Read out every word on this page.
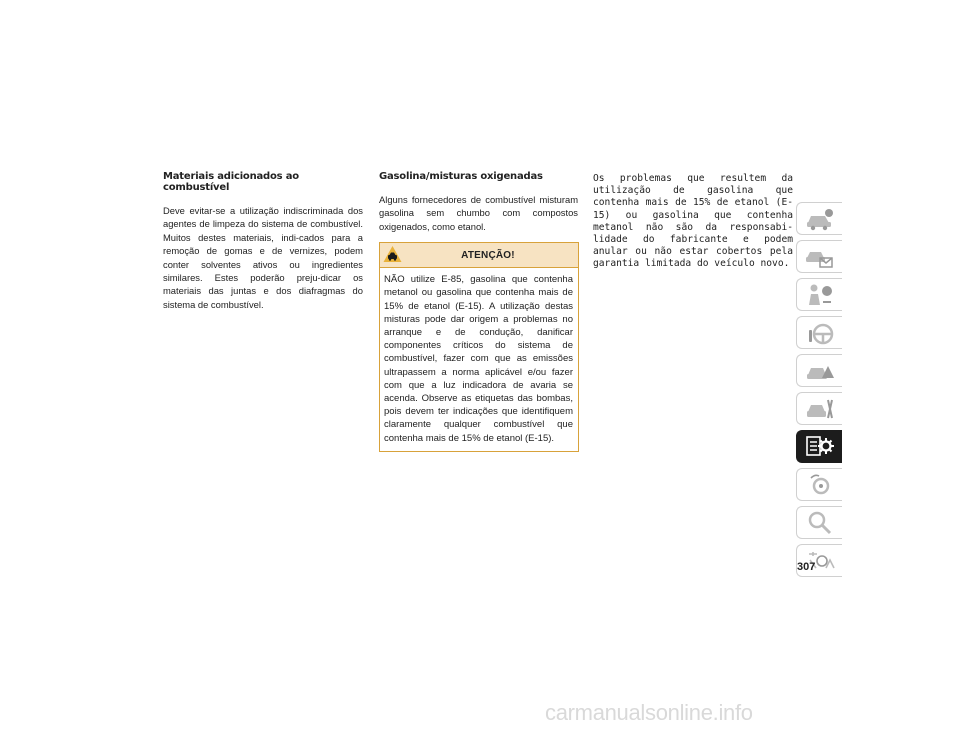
Materiais adicionados ao combustível

Deve evitar-se a utilização indiscriminada dos agentes de limpeza do sistema de combustível. Muitos destes materiais, indi-cados para a remoção de gomas e de vernizes, podem conter solventes ativos ou ingredientes similares. Estes poderão preju-dicar os materiais das juntas e dos diafragmas do sistema de combustível.

Gasolina/misturas oxigenadas

Alguns fornecedores de combustível misturam gasolina sem chumbo com compostos oxigenados, como etanol.

ATENÇÃO!
NÃO utilize E-85, gasolina que contenha metanol ou gasolina que contenha mais de 15% de etanol (E-15). A utilização destas misturas pode dar origem a problemas no arranque e de condução, danificar componentes críticos do sistema de combustível, fazer com que as emissões ultrapassem a norma aplicável e/ou fazer com que a luz indicadora de avaria se acenda. Observe as etiquetas das bombas, pois devem ter indicações que identifiquem claramente qualquer combustível que contenha mais de 15% de etanol (E-15).

Os problemas que resultem da utilização de gasolina que contenha mais de 15% de etanol (E-15) ou gasolina que contenha metanol não são da responsabi-lidade do fabricante e podem anular ou não estar cobertos pela garantia limitada do veículo novo.

307
carmanualsonline.info
